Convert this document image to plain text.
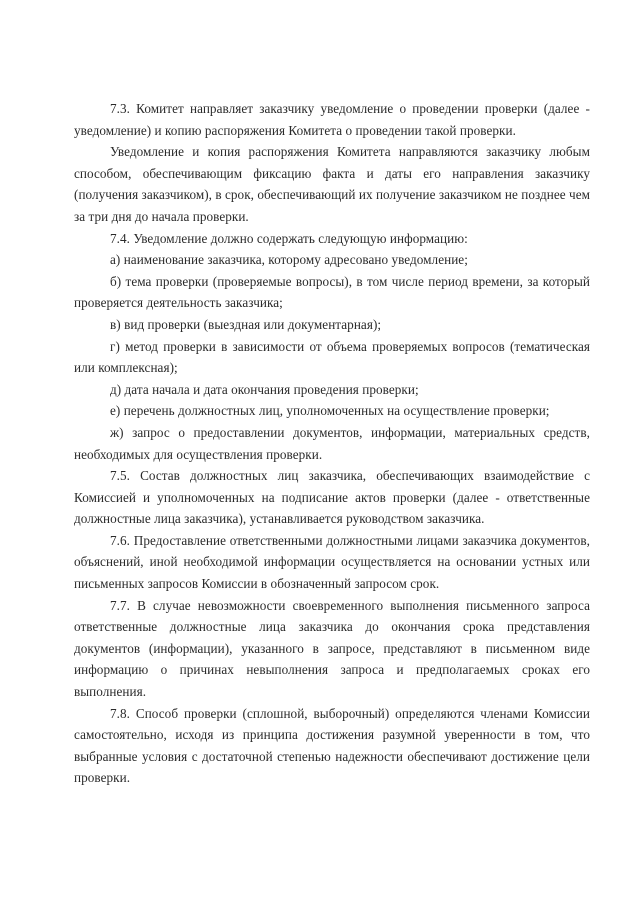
7.3. Комитет направляет заказчику уведомление о проведении проверки (далее - уведомление) и копию распоряжения Комитета о проведении такой проверки.

Уведомление и копия распоряжения Комитета направляются заказчику любым способом, обеспечивающим фиксацию факта и даты его направления заказчику (получения заказчиком), в срок, обеспечивающий их получение заказчиком не позднее чем за три дня до начала проверки.

7.4. Уведомление должно содержать следующую информацию:

а) наименование заказчика, которому адресовано уведомление;

б) тема проверки (проверяемые вопросы), в том числе период времени, за который проверяется деятельность заказчика;

в) вид проверки (выездная или документарная);

г) метод проверки в зависимости от объема проверяемых вопросов (тематическая или комплексная);

д) дата начала и дата окончания проведения проверки;

е) перечень должностных лиц, уполномоченных на осуществление проверки;

ж) запрос о предоставлении документов, информации, материальных средств, необходимых для осуществления проверки.

7.5. Состав должностных лиц заказчика, обеспечивающих взаимодействие с Комиссией и уполномоченных на подписание актов проверки (далее - ответственные должностные лица заказчика), устанавливается руководством заказчика.

7.6. Предоставление ответственными должностными лицами заказчика документов, объяснений, иной необходимой информации осуществляется на основании устных или письменных запросов Комиссии в обозначенный запросом срок.

7.7. В случае невозможности своевременного выполнения письменного запроса ответственные должностные лица заказчика до окончания срока представления документов (информации), указанного в запросе, представляют в письменном виде информацию о причинах невыполнения запроса и предполагаемых сроках его выполнения.

7.8. Способ проверки (сплошной, выборочный) определяются членами Комиссии самостоятельно, исходя из принципа достижения разумной уверенности в том, что выбранные условия с достаточной степенью надежности обеспечивают достижение цели проверки.
